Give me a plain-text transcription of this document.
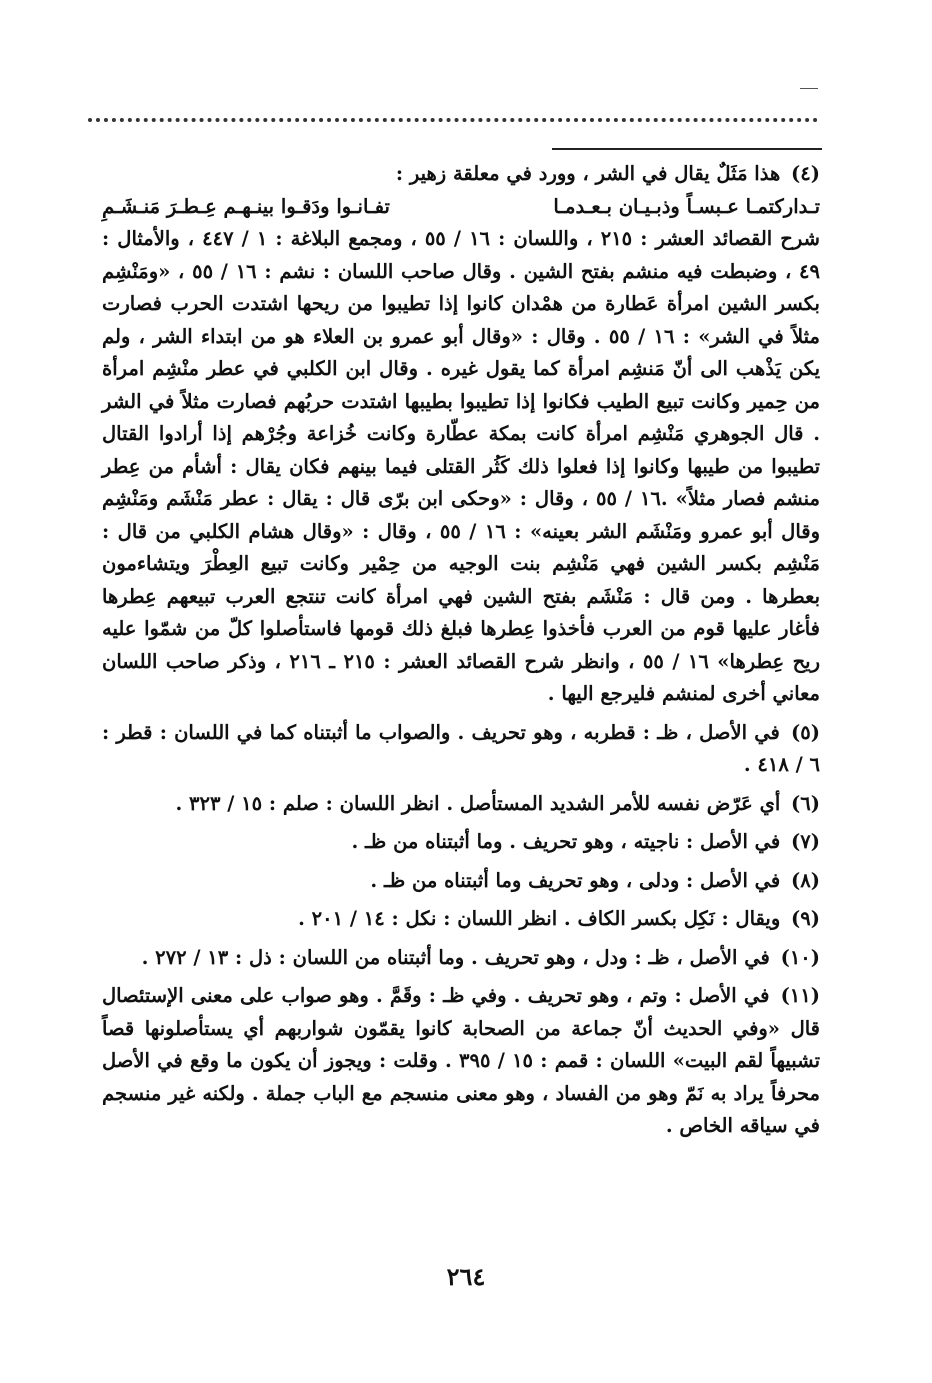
(٤) هذا مَثَلٌ يقال في الشر ، وورد في معلقة زهير :
تـداركتمـا عـبسـاً وذبـيـان بـعـدمـا
تفـانـوا ودَقـوا بينـهـم عِـطـرَ مَنـشَـمِ
شرح القصائد العشر : ٢١٥ ، واللسان : ١٦ / ٥٥ ، ومجمع البلاغة : ١ / ٤٤٧ ، والأمثال : ٤٩ ، وضبطت فيه منشم بفتح الشين . وقال صاحب اللسان : نشم : ١٦ / ٥٥ ، «ومَنْشِم بكسر الشين امرأة عَطارة من همْدان كانوا إذا تطيبوا من ريحها اشتدت الحرب فصارت مثلاً في الشر» : ١٦ / ٥٥ . وقال : «وقال أبو عمرو بن العلاء هو من ابتداء الشر ، ولم يكن يَذْهب الى أنّ مَنشِم امرأة كما يقول غيره . وقال ابن الكلبي في عطر منْشِم امرأة من حِمير وكانت تبيع الطيب فكانوا إذا تطيبوا بطيبها اشتدت حربُهم فصارت مثلاً في الشر . قال الجوهري مَنْشِم امرأة كانت بمكة عطّارة وكانت خُزاعة وجُرْهم إذا أرادوا القتال تطيبوا من طيبها وكانوا إذا فعلوا ذلك كَثُر القتلى فيما بينهم فكان يقال : أشأم من عِطر منشم فصار مثلاً» .١٦ / ٥٥ ، وقال : «وحكى ابن برّى قال : يقال : عطر مَنْشَم ومَنْشِم وقال أبو عمرو ومَنْشَم الشر بعينه» : ١٦ / ٥٥ ، وقال : «وقال هشام الكلبي من قال : مَنْشِم بكسر الشين فهي مَنْشِم بنت الوجيه من حِمْير وكانت تبيع العِطْرَ ويتشاءمون بعطرها . ومن قال : مَنْشَم بفتح الشين فهي امرأة كانت تنتجع العرب تبيعهم عِطرها فأغار عليها قوم من العرب فأخذوا عِطرها فبلغ ذلك قومها فاستأصلوا كلّ من شمّوا عليه ريح عِطرها» ١٦ / ٥٥ ، وانظر شرح القصائد العشر : ٢١٥ ـ ٢١٦ ، وذكر صاحب اللسان معاني أخرى لمنشم فليرجع اليها .
(٥) في الأصل ، ظـ : قطربه ، وهو تحريف . والصواب ما أثبتناه كما في اللسان : قطر : ٦ / ٤١٨ .
(٦) أي عَرّض نفسه للأمر الشديد المستأصل . انظر اللسان : صلم : ١٥ / ٣٢٣ .
(٧) في الأصل : ناجيته ، وهو تحريف . وما أثبتناه من ظـ .
(٨) في الأصل : ودلى ، وهو تحريف وما أثبتناه من ظـ .
(٩) ويقال : نَكِل بكسر الكاف . انظر اللسان : نكل : ١٤ / ٢٠١ .
(١٠) في الأصل ، ظـ : ودل ، وهو تحريف . وما أثبتناه من اللسان : ذل : ١٣ / ٢٧٢ .
(١١) في الأصل : وتم ، وهو تحريف . وفي ظـ : وقَمَّ . وهو صواب على معنى الإستئصال قال «وفي الحديث أنّ جماعة من الصحابة كانوا يقمّون شواربهم أي يستأصلونها قصاً تشبيهاً لقم البيت» اللسان : قمم : ١٥ / ٣٩٥ . وقلت : ويجوز أن يكون ما وقع في الأصل محرفاً يراد به نَمّ وهو من الفساد ، وهو معنى منسجم مع الباب جملة . ولكنه غير منسجم في سياقه الخاص .
٢٦٤
